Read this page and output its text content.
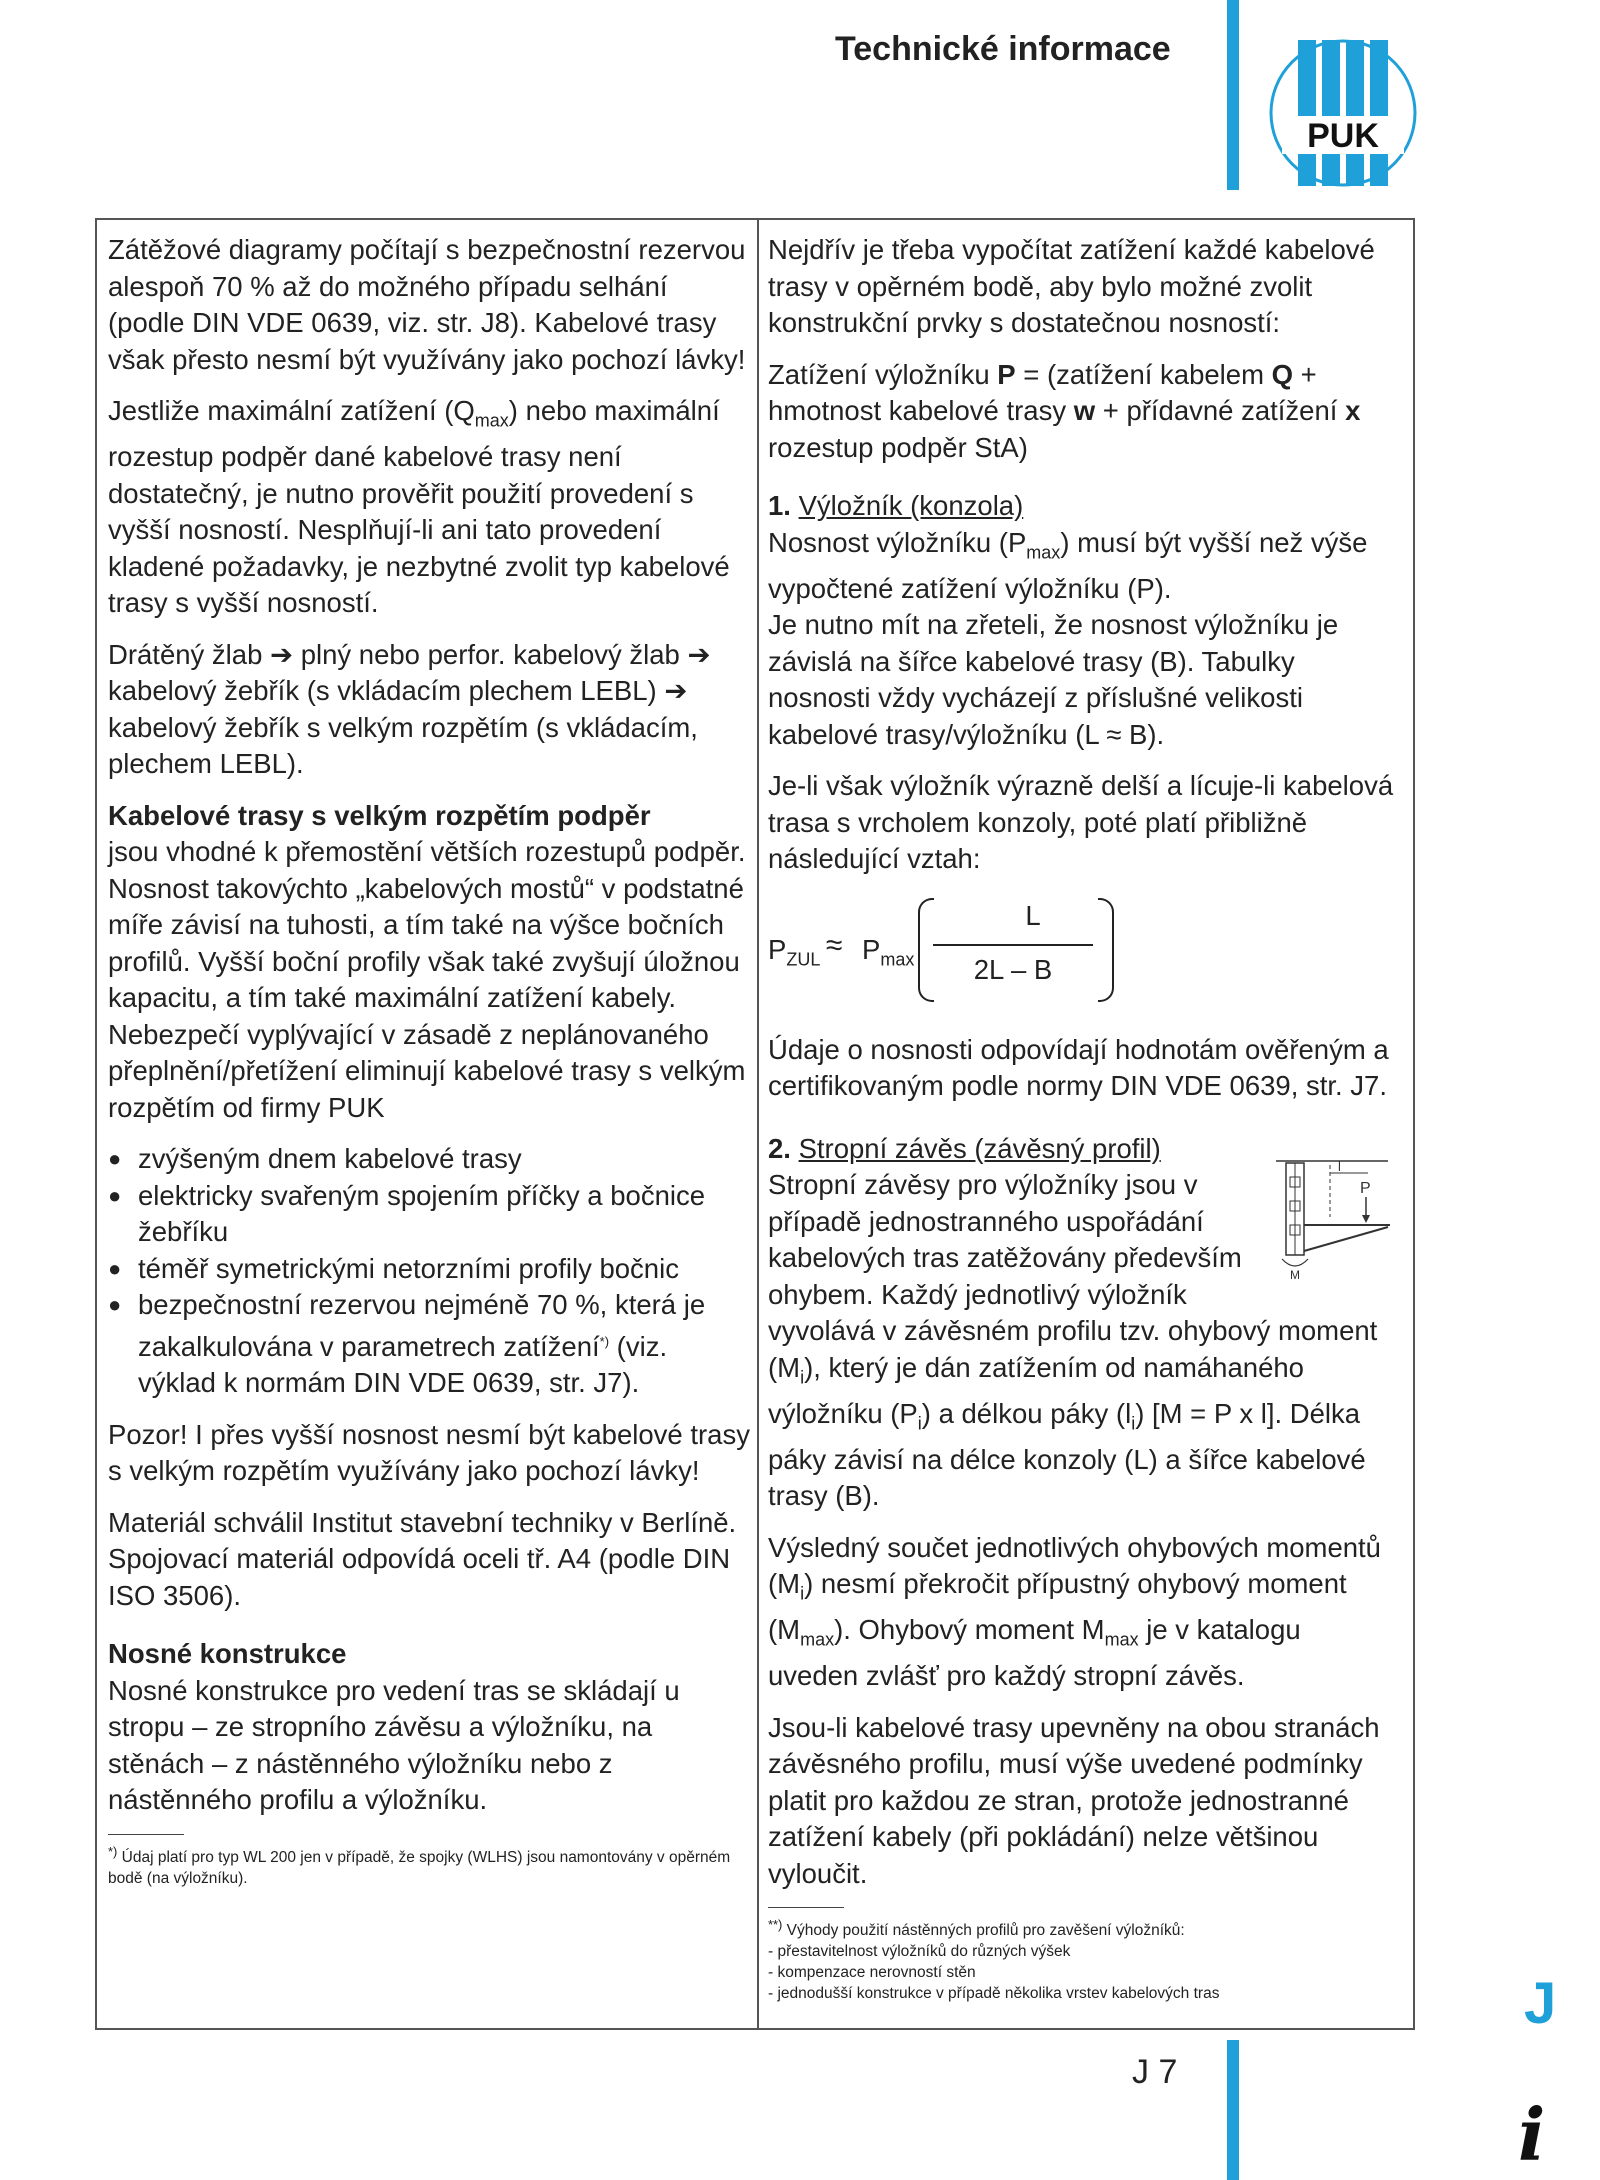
Technické informace
PUK

Zátěžové diagramy počítají s bezpečnostní rezervou alespoň 70 % až do možného případu selhání (podle DIN VDE 0639, viz. str. J8). Kabelové trasy však přesto nesmí být využívány jako pochozí lávky!

Jestliže maximální zatížení $(Q_{max})$ nebo maximální rozestup podpěr dané kabelové trasy není dostatečný, je nutno prověřit použití provedení s vyšší nosností. Nesplňují-li ani tato provedení kladené požadavky, je nezbytné zvolit typ kabelové trasy s vyšší nosností.

Drátěný žlab ➔ plný nebo perfor. kabelový žlab ➔ kabelový žebřík (s vkládacím plechem LEBL) ➔ kabelový žebřík s velkým rozpětím (s vkládacím, plechem LEBL).

Kabelové trasy s velkým rozpětím podpěr

jsou vhodné k přemostění větších rozestupů podpěr. Nosnost takovýchto „kabelových mostů“ v podstatné míře závisí na tuhosti, a tím také na výšce bočních profilů. Vyšší boční profily však také zvyšují úložnou kapacitu, a tím také maximální zatížení kabely.

Nebezpečí vyplývající v zásadě z neplánovaného přeplnění/přetížení eliminují kabelové trasy s velkým rozpětím od firmy PUK

● zvýšeným dnem kabelové trasy
● elektricky svařeným spojením příčky a bočnice žebříku
● téměř symetrickými netorzními profily bočnic
● bezpečnostní rezervou nejméně 70 %, která je zakalkulována v parametrech zatížení*) (viz. výklad k normám DIN VDE 0639, str. J7).

Pozor! I přes vyšší nosnost nesmí být kabelové trasy s velkým rozpětím využívány jako pochozí lávky!

Materiál schválil Institut stavební techniky v Berlíně. Spojovací materiál odpovídá oceli tř. A4 (podle DIN ISO 3506).

Nosné konstrukce

Nosné konstrukce pro vedení tras se skládají u stropu – ze stropního závěsu a výložníku, na stěnách – z nástěnného výložníku nebo z nástěnného profilu a výložníku.

*) Údaj platí pro typ WL 200 jen v případě, že spojky (WLHS) jsou namontovány v opěrném bodě (na výložníku).

Nejdřív je třeba vypočítat zatížení každé kabelové trasy v opěrném bodě, aby bylo možné zvolit konstrukční prvky s dostatečnou nosností:

Zatížení výložníku P = (zatížení kabelem Q + hmotnost kabelové trasy w + přídavné zatížení x rozestup podpěr StA)

1. Výložník (konzola)
Nosnost výložníku $(P_{max})$ musí být vyšší než výše vypočtené zatížení výložníku (P).

Je nutno mít na zřeteli, že nosnost výložníku je závislá na šířce kabelové trasy (B). Tabulky nosnosti vždy vycházejí z příslušné velikosti kabelové trasy/výložníku (L ≈ B).

Je-li však výložník výrazně delší a lícuje-li kabelová trasa s vrcholem konzoly, poté platí přibližně následující vztah:

$P_{ZUL} \approx P_{max}$
L
2L – B

Údaje o nosnosti odpovídají hodnotám ověřeným a certifikovaným podle normy DIN VDE 0639, str. J7.

2. Stropní závěs (závěsný profil)

l
P
M
Stropní závěsy pro výložníky jsou v případě jednostranného uspořádání kabelových tras zatěžovány především ohybem. Každý jednotlivý výložník vyvolává v závěsném profilu tzv. ohybový moment $(M_i)$, který je dán zatížením od namáhaného výložníku $(P_i)$ a délkou páky $(l_i) [M = P$ x l]. Délka páky závisí na délce konzoly (L) a šířce kabelové trasy (B).

Výsledný součet jednotlivých ohybových momentů $(M_i)$ nesmí překročit přípustný ohybový moment $(M_{max})$. Ohybový moment $M_{max}$ je v katalogu uveden zvlášť pro každý stropní závěs.

Jsou-li kabelové trasy upevněny na obou stranách závěsného profilu, musí výše uvedené podmínky platit pro každou ze stran, protože jednostranné zatížení kabely (při pokládání) nelze většinou vyloučit.

**) Výhody použití nástěnných profilů pro zavěšení výložníků:

- přestavitelnost výložníků do různých výšek

- kompenzace nerovností stěn

- jednodušší konstrukce v případě několika vrstev kabelových tras

J 7
J
i
